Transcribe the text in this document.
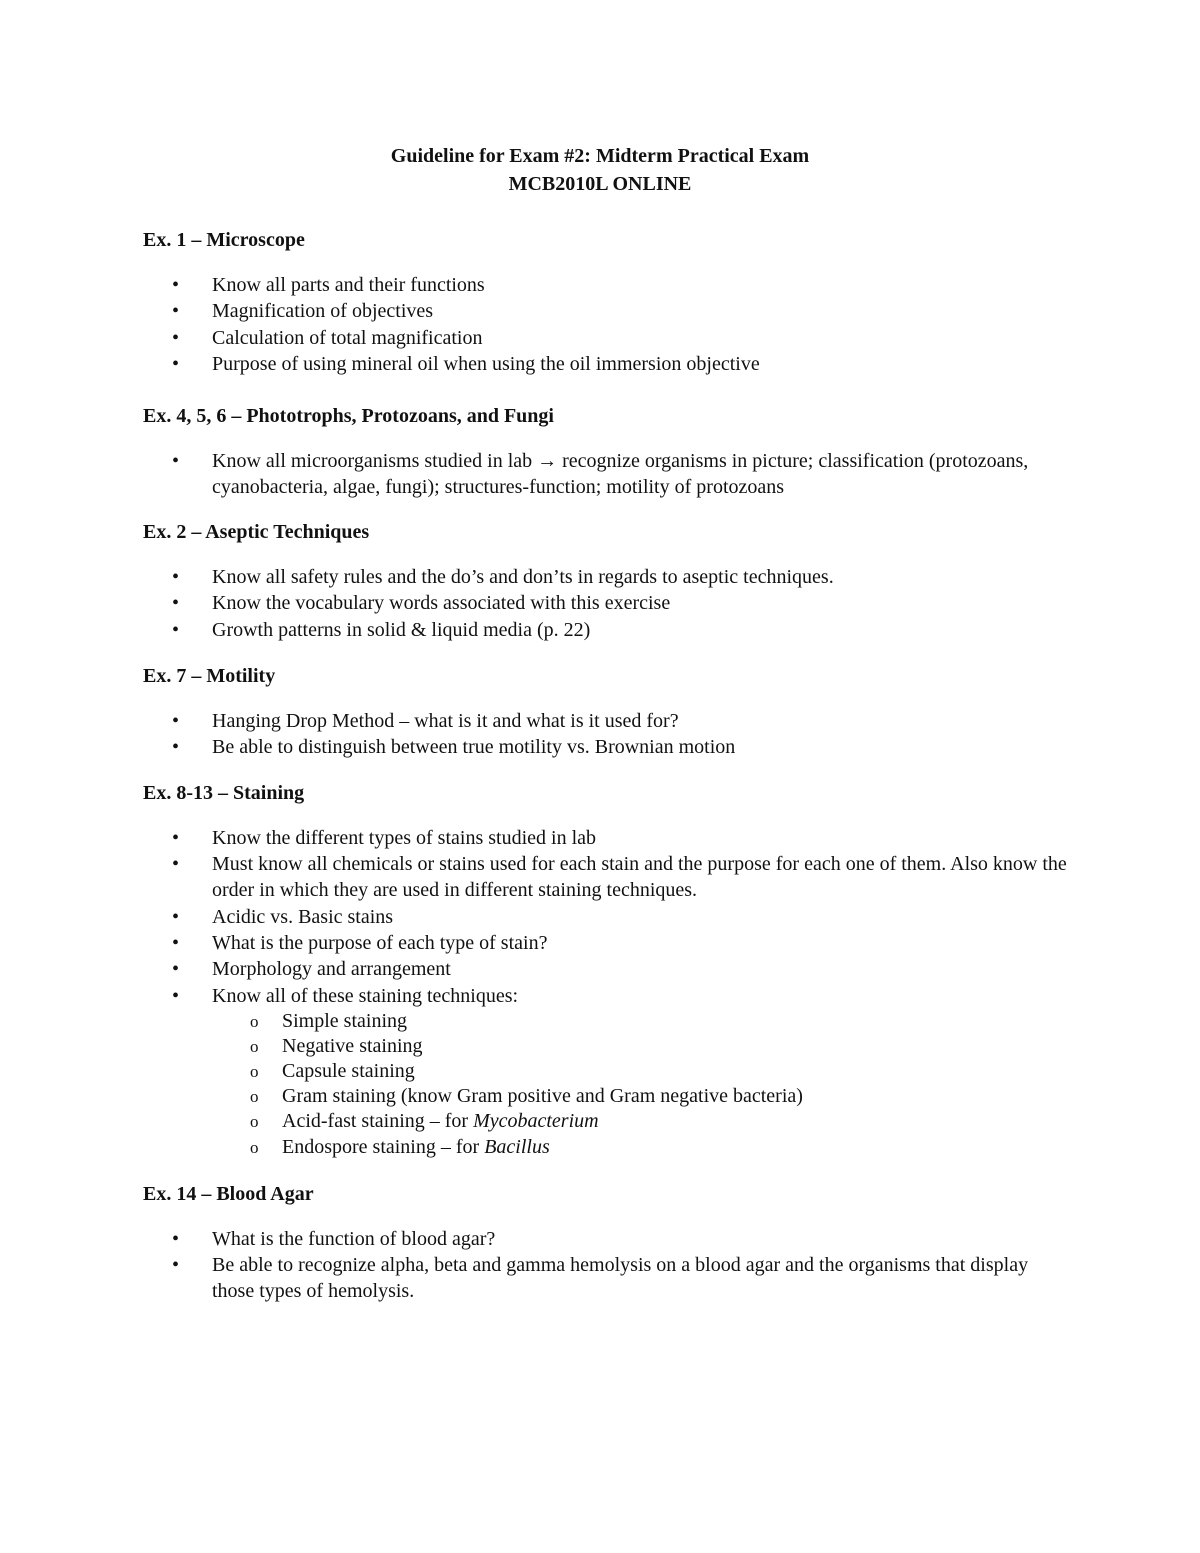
Guideline for Exam #2: Midterm Practical Exam
MCB2010L ONLINE
Ex. 1 – Microscope
• Know all parts and their functions
• Magnification of objectives
• Calculation of total magnification
• Purpose of using mineral oil when using the oil immersion objective
Ex. 4, 5, 6 – Phototrophs, Protozoans, and Fungi
• Know all microorganisms studied in lab → recognize organisms in picture; classification (protozoans, cyanobacteria, algae, fungi); structures-function; motility of protozoans
Ex. 2 – Aseptic Techniques
• Know all safety rules and the do’s and don’ts in regards to aseptic techniques.
• Know the vocabulary words associated with this exercise
• Growth patterns in solid & liquid media (p. 22)
Ex. 7 – Motility
• Hanging Drop Method – what is it and what is it used for?
• Be able to distinguish between true motility vs. Brownian motion
Ex. 8-13 – Staining
• Know the different types of stains studied in lab
• Must know all chemicals or stains used for each stain and the purpose for each one of them. Also know the order in which they are used in different staining techniques.
• Acidic vs. Basic stains
• What is the purpose of each type of stain?
• Morphology and arrangement
• Know all of these staining techniques:
o Simple staining
o Negative staining
o Capsule staining
o Gram staining (know Gram positive and Gram negative bacteria)
o Acid-fast staining – for Mycobacterium
o Endospore staining – for Bacillus
Ex. 14 – Blood Agar
• What is the function of blood agar?
• Be able to recognize alpha, beta and gamma hemolysis on a blood agar and the organisms that display those types of hemolysis.
